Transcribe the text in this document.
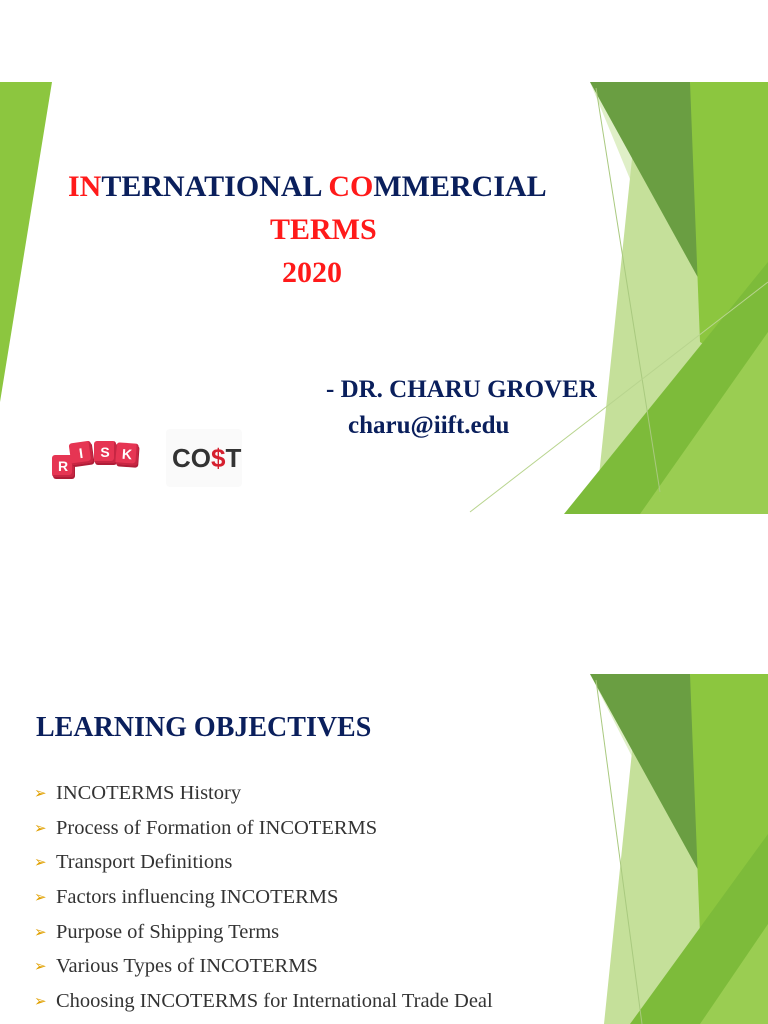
INTERNATIONAL COMMERCIAL
TERMS
2020
- DR. CHARU GROVER
charu@iift.edu
R
I	S K CO$T
LEARNING OBJECTIVES
➢ INCOTERMS History
➢ Process of Formation of INCOTERMS
➢ Transport Definitions
➢ Factors influencing INCOTERMS
➢ Purpose of Shipping Terms
➢ Various Types of INCOTERMS
➢ Choosing INCOTERMS for International Trade Deal
